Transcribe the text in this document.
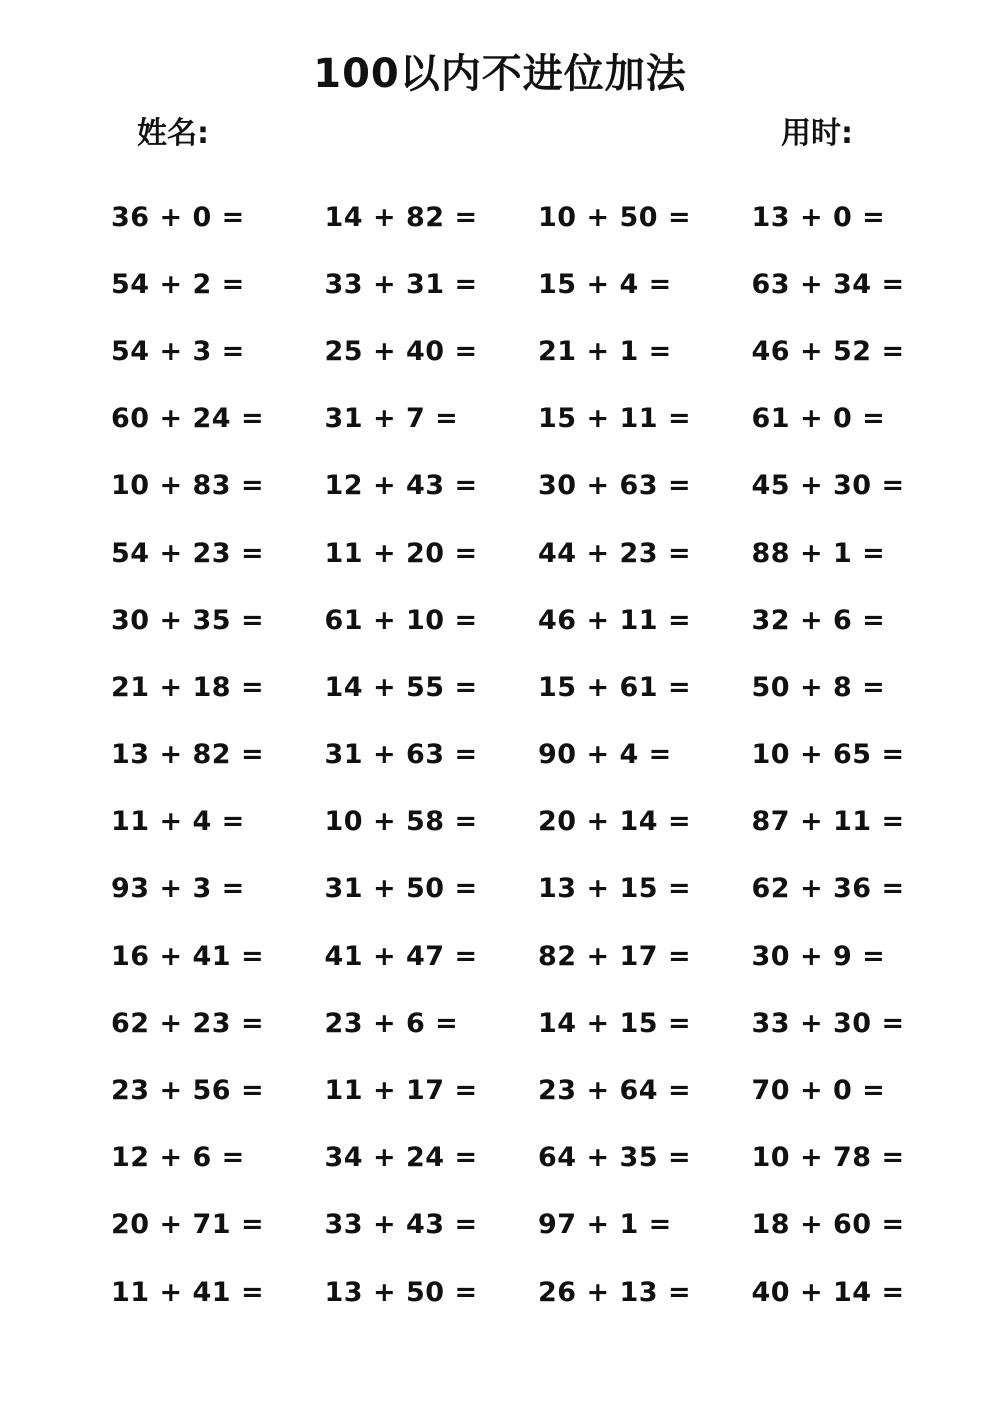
100以内不进位加法
姓名:	用时:
36 + 0 =	14 + 82 =	10 + 50 =	13 + 0 =
54 + 2 =	33 + 31 =	15 + 4 =	63 + 34 =
54 + 3 =	25 + 40 =	21 + 1 =	46 + 52 =
60 + 24 =	31 + 7 =	15 + 11 =	61 + 0 =
10 + 83 =	12 + 43 =	30 + 63 =	45 + 30 =
54 + 23 =	11 + 20 =	44 + 23 =	88 + 1 =
30 + 35 =	61 + 10 =	46 + 11 =	32 + 6 =
21 + 18 =	14 + 55 =	15 + 61 =	50 + 8 =
13 + 82 =	31 + 63 =	90 + 4 =	10 + 65 =
11 + 4 =	10 + 58 =	20 + 14 =	87 + 11 =
93 + 3 =	31 + 50 =	13 + 15 =	62 + 36 =
16 + 41 =	41 + 47 =	82 + 17 =	30 + 9 =
62 + 23 =	23 + 6 =	14 + 15 =	33 + 30 =
23 + 56 =	11 + 17 =	23 + 64 =	70 + 0 =
12 + 6 =	34 + 24 =	64 + 35 =	10 + 78 =
20 + 71 =	33 + 43 =	97 + 1 =	18 + 60 =
11 + 41 =	13 + 50 =	26 + 13 =	40 + 14 =
